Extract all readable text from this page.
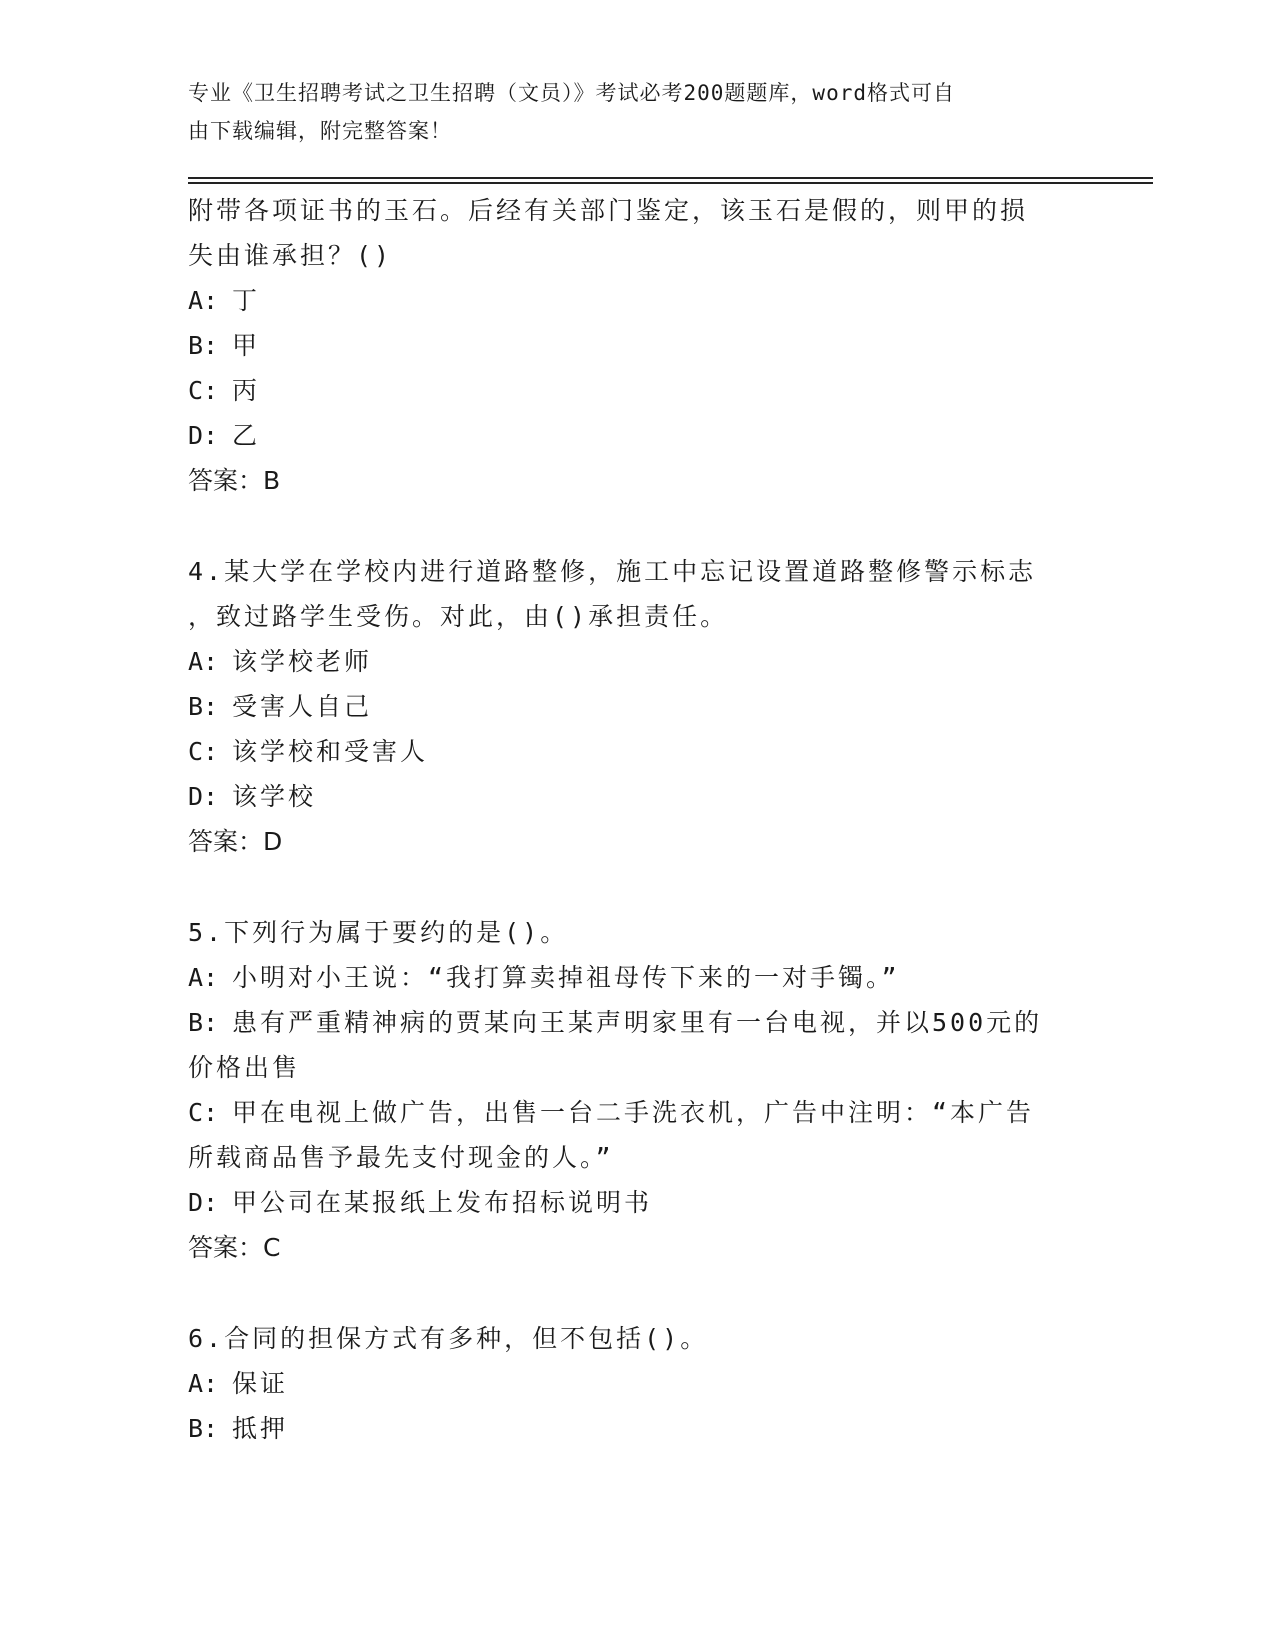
专业《卫生招聘考试之卫生招聘（文员）》考试必考200题题库，word格式可自
由下载编辑，附完整答案！
附带各项证书的玉石。后经有关部门鉴定，该玉石是假的，则甲的损
失由谁承担？()
A: 丁
B: 甲
C: 丙
D: 乙
答案：B
4.某大学在学校内进行道路整修，施工中忘记设置道路整修警示标志
，致过路学生受伤。对此，由()承担责任。
A: 该学校老师
B: 受害人自己
C: 该学校和受害人
D: 该学校
答案：D
5.下列行为属于要约的是()。
A: 小明对小王说：“我打算卖掉祖母传下来的一对手镯。”
B: 患有严重精神病的贾某向王某声明家里有一台电视，并以500元的
价格出售
C: 甲在电视上做广告，出售一台二手洗衣机，广告中注明：“本广告
所载商品售予最先支付现金的人。”
D: 甲公司在某报纸上发布招标说明书
答案：C
6.合同的担保方式有多种，但不包括()。
A: 保证
B: 抵押
